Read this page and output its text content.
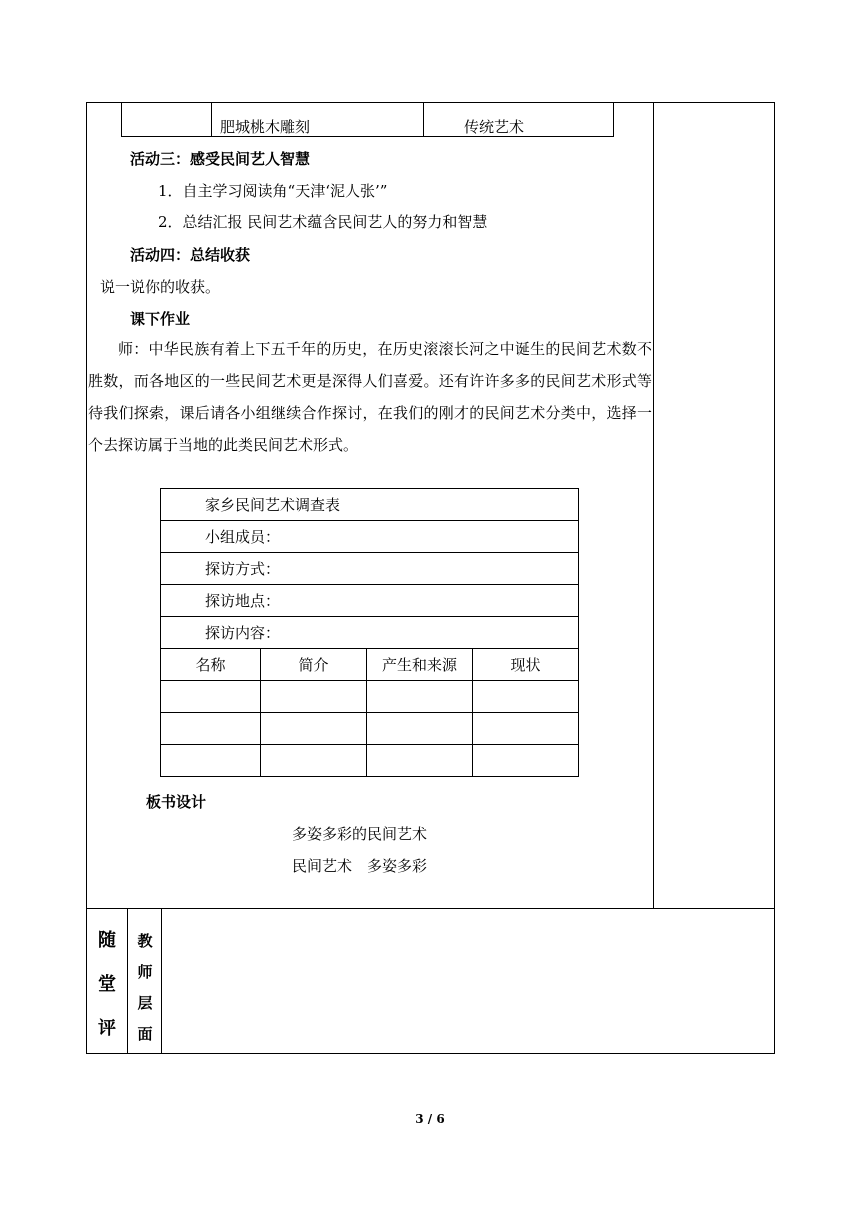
肥城桃木雕刻	传统艺术
活动三：感受民间艺人智慧
1．自主学习阅读角“天津‘泥人张’”
2．总结汇报 民间艺术蕴含民间艺人的努力和智慧
活动四：总结收获
说一说你的收获。
课下作业
师：中华民族有着上下五千年的历史，在历史滚滚长河之中诞生的民间艺术数不胜数，而各地区的一些民间艺术更是深得人们喜爱。还有许许多多的民间艺术形式等待我们探索，课后请各小组继续合作探讨，在我们的刚才的民间艺术分类中，选择一个去探访属于当地的此类民间艺术形式。
家乡民间艺术调查表			
小组成员：			
探访方式：			
探访地点：			
探访内容：			
名称	简介	产生和来源	现状

板书设计
多姿多彩的民间艺术
民间艺术　多姿多彩
随
堂
评
教
师
层
面
3 / 6
